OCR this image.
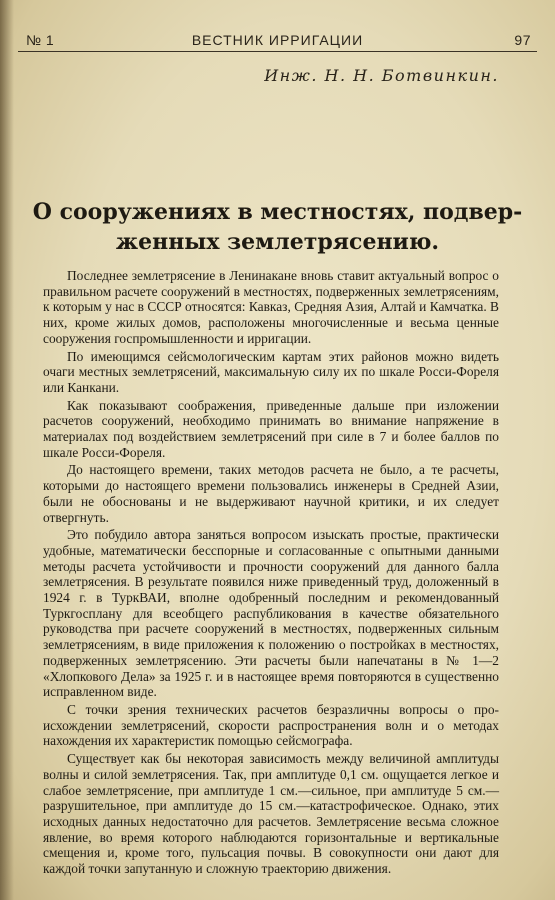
№ 1	ВЕСТНИК ИРРИГАЦИИ	97
Инж. Н. Н. Ботвинкин.
О сооружениях в местностях, подвер-
женных землетрясению.

Последнее землетрясение в Ленинакане вновь ставит актуальный вопрос о правильном расчете сооружений в местностях, подверженных землетрясениям, к которым у нас в СССР относятся: Кавказ, Средняя Азия, Алтай и Камчатка. В них, кроме жилых домов, расположены многочисленные и весьма ценные сооружения госпромышленности и ирригации.

По имеющимся сейсмологическим картам этих районов можно видеть очаги местных землетрясений, максимальную силу их по шкале Росси-Фореля или Канкани.

Как показывают соображения, приведенные дальше при изложении расчетов сооружений, необходимо принимать во внимание напряжение в материалах под воздействием землетрясений при силе в 7 и более баллов по шкале Росси-Фореля.

До настоящего времени, таких методов расчета не было, а те расчеты, которыми до настоящего времени пользовались инженеры в Средней Азии, были не обоснованы и не выдерживают научной критики, и их следует отвергнуть.

Это побудило автора заняться вопросом изыскать простые, практически удобные, математически бесспорные и согласованные с опытными данными методы расчета устойчивости и прочности сооружений для данного балла землетрясения. В результате появился ниже приведенный труд, доложенный в 1924 г. в ТуркВАИ, вполне одобренный последним и рекомендованный Туркгосплану для всеобщего распубликования в качестве обязательного руководства при расчете сооружений в местностях, подверженных сильным землетрясениям, в виде приложения к положению о постройках в местностях, подверженных землетрясению. Эти расчеты были напечатаны в № 1—2 «Хлопкового Дела» за 1925 г. и в настоящее время повторяются в существенно исправленном виде.

С точки зрения технических расчетов безразличны вопросы о происхождении землетрясений, скорости распространения волн и о методах нахождения их характеристик помощью сейсмографа.

Существует как бы некоторая зависимость между величиной амплитуды волны и силой землетрясения. Так, при амплитуде 0,1 см. ощущается легкое и слабое землетрясение, при амплитуде 1 см.—сильное, при амплитуде 5 см.—разрушительное, при амплитуде до 15 см.—катастрофическое. Однако, этих исходных данных недостаточно для расчетов. Землетрясение весьма сложное явление, во время которого наблюдаются горизонтальные и вертикальные смещения и, кроме того, пульсация почвы. В совокупности они дают для каждой точки запутанную и сложную траекторию движения.
